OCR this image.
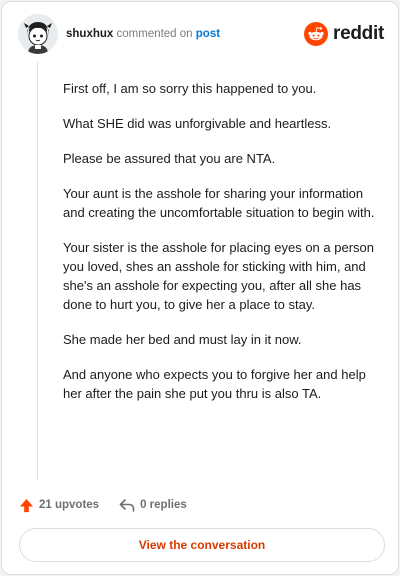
shuxhux commented on post	reddit

First off, I am so sorry this happened to you.

What SHE did was unforgivable and heartless.

Please be assured that you are NTA.

Your aunt is the asshole for sharing your information and creating the uncomfortable situation to begin with.

Your sister is the asshole for placing eyes on a person you loved, shes an asshole for sticking with him, and she's an asshole for expecting you, after all she has done to hurt you, to give her a place to stay.

She made her bed and must lay in it now.

And anyone who expects you to forgive her and help her after the pain she put you thru is also TA.

21 upvotes	0 replies
View the conversation
